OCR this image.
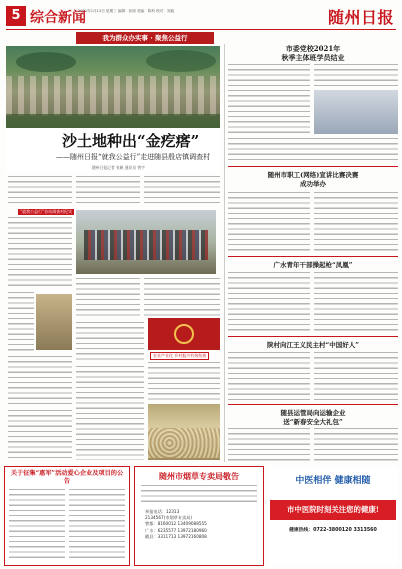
5 综合新闻
2021年1月13日 星期三 编辑：彭丽 美编：陈科 校对：刘毅	随州日报
我为群众办实事 · 聚焦公益行
沙土地种出“金疙瘩”
——随州日报“就我公益行”走进随县殷店镇调查村
随州日报记者 张帆 通讯员 曾宇
“就我公益行”首站调查村纪实
农业产业化 乡村振兴有效衔接
市委党校2021年
秋季主体班学员结业
随州市职工(网络)宣讲比赛决赛
成功举办
广水青年干部操起枪“凤凰”
陕村向江王义民主村“中国好人”
随县运管局向运输企业
送“新春安全大礼包”
关于征集“惠军”活动爱心企业及项目的公告
随州市烟草专卖局敬告
举报电话：12313
2134567(市烟草专卖局)
曾都：8160012 13409088555
广水：6235577 13972180960
随县：3311713 13972160808
中医相伴 健康相随
市中医院时刻关注您的健康!
健康热线：0722-3800120 3313560
